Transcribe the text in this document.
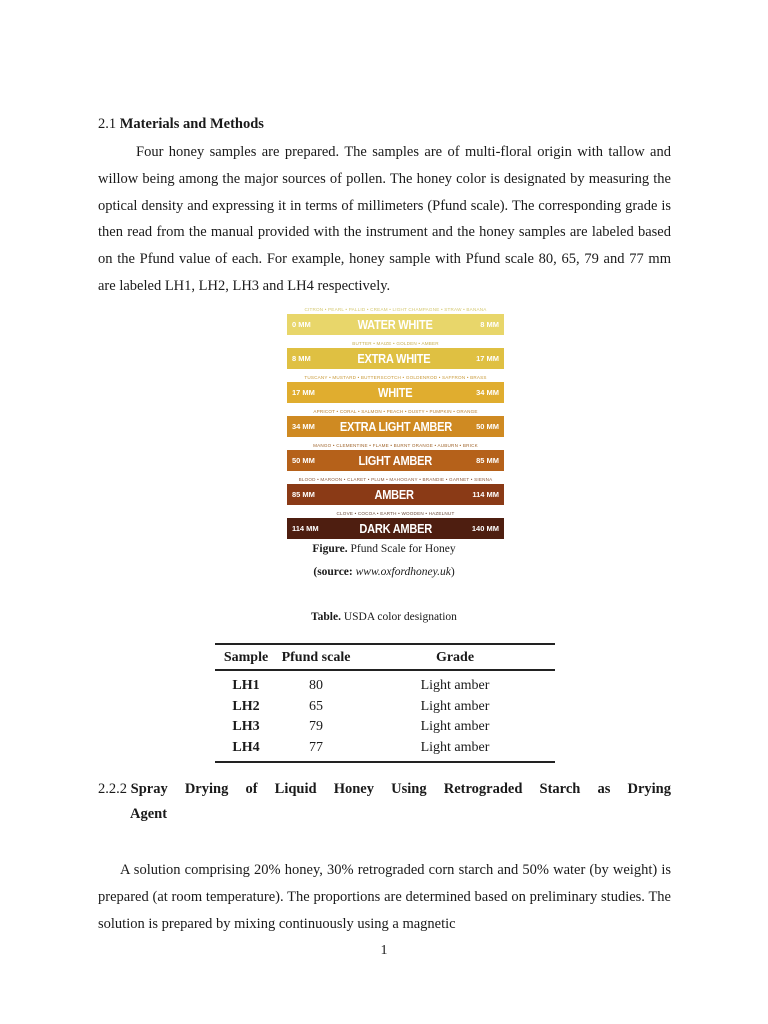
2.1 Materials and Methods

Four honey samples are prepared. The samples are of multi-floral origin with tallow and willow being among the major sources of pollen. The honey color is designated by measuring the optical density and expressing it in terms of millimeters (Pfund scale). The corresponding grade is then read from the manual provided with the instrument and the honey samples are labeled based on the Pfund value of each. For example, honey sample with Pfund scale 80, 65, 79 and 77 mm are labeled LH1, LH2, LH3 and LH4 respectively.

CITRON • PEARL • PALLID • CREAM • LIGHT CHAMPAGNE • STRAW • BANANA
0 MM	WATER WHITE	8 MM
BUTTER • MAIZE • GOLDEN • AMBER
8 MM	EXTRA WHITE	17 MM
TUSCANY • MUSTARD • BUTTERSCOTCH • GOLDENROD • SAFFRON • BRASS
17 MM	WHITE	34 MM
APRICOT • CORAL • SALMON • PEACH • DUSTY • PUMPKIN • ORANGE
34 MM EXTRA LIGHT AMBER	50 MM
MANGO • CLEMENTINE • FLAME • BURNT ORANGE • AUBURN • BRICK
50 MM	LIGHT AMBER	85 MM
BLOOD • MAROON • CLARET • PLUM • MAHOGANY • BRANDIE • GARNET • SIENNA
85 MM	AMBER	114 MM
CLOVE • COCOA • EARTH • WOODEN • HAZELNUT
114 MM	DARK AMBER	140 MM
Figure. Pfund Scale for Honey
(source: www.oxfordhoney.uk)
Table. USDA color designation
Sample	Pfund scale	Grade
LH1	80	Light amber
LH2	65	Light amber
LH3	79	Light amber
LH4	77	Light amber
2.2.2 Spray Drying of Liquid Honey Using Retrograded Starch as Drying
Agent

A solution comprising 20% honey, 30% retrograded corn starch and 50% water (by weight) is prepared (at room temperature). The proportions are determined based on preliminary studies. The solution is prepared by mixing continuously using a magnetic

1
